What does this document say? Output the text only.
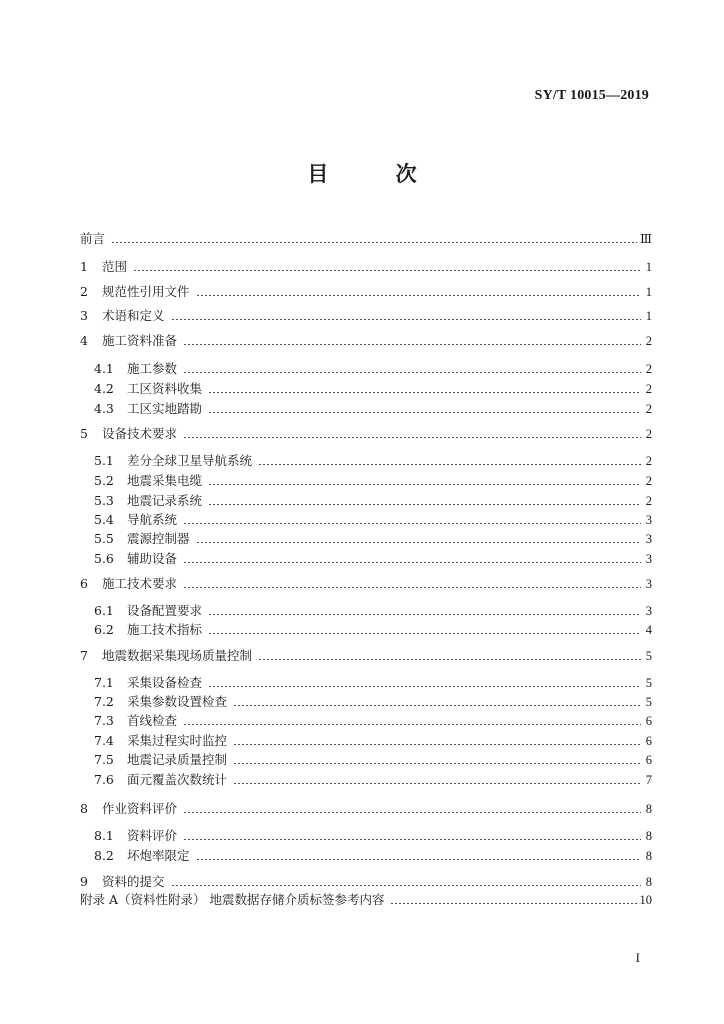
SY/T 10015—2019
目 次
前言	Ⅲ
1	范围	1
2	规范性引用文件	1
3	术语和定义	1
4	施工资料准备	2
4.1	施工参数	2
4.2	工区资料收集	2
4.3	工区实地踏勘	2
5	设备技术要求	2
5.1	差分全球卫星导航系统	2
5.2	地震采集电缆	2
5.3	地震记录系统	2
5.4	导航系统	3
5.5	震源控制器	3
5.6	辅助设备	3
6	施工技术要求	3
6.1	设备配置要求	3
6.2	施工技术指标	4
7	地震数据采集现场质量控制	5
7.1	采集设备检查	5
7.2	采集参数设置检查	5
7.3	首线检查	6
7.4	采集过程实时监控	6
7.5	地震记录质量控制	6
7.6	面元覆盖次数统计	7
8	作业资料评价	8
8.1	资料评价	8
8.2	坏炮率限定	8
9	资料的提交	8
附录 A（资料性附录） 地震数据存储介质标签参考内容	10
I
